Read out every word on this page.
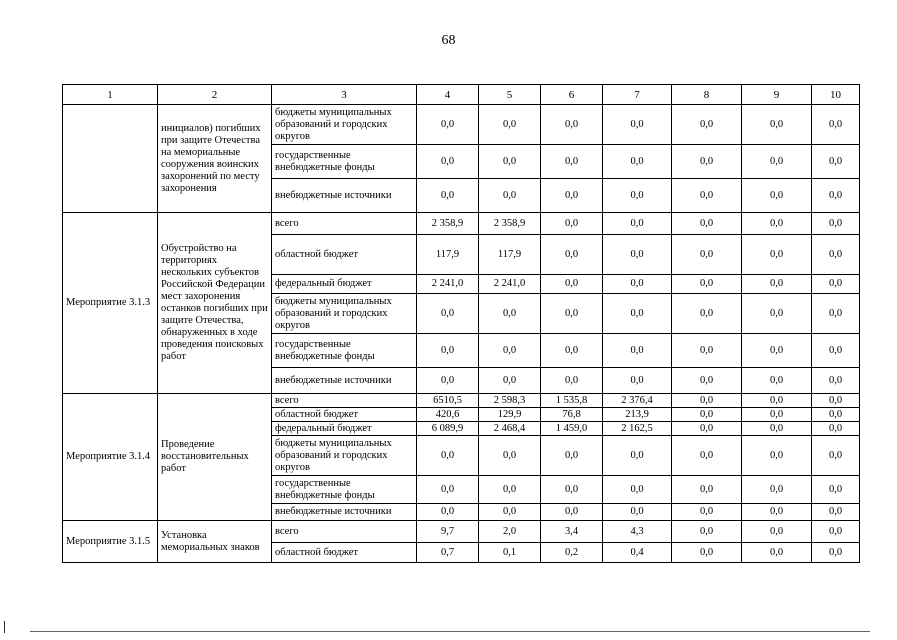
68
1	2	3	4	5	6	7	8	9	10
	инициалов) погибших при защите Отечества на мемориальные сооружения воинских захоронений по месту захоронения	бюджеты муниципальных образований и городских округов	0,0	0,0	0,0	0,0	0,0	0,0	0,0
		государственные внебюджетные фонды	0,0	0,0	0,0	0,0	0,0	0,0	0,0
		внебюджетные источники	0,0	0,0	0,0	0,0	0,0	0,0	0,0
Мероприятие 3.1.3	Обустройство на территориях нескольких субъектов Российской Федерации мест захоронения останков погибших при защите Отечества, обнаруженных в ходе проведения поисковых работ	всего	2 358,9	2 358,9	0,0	0,0	0,0	0,0	0,0
		областной бюджет	117,9	117,9	0,0	0,0	0,0	0,0	0,0
		федеральный бюджет	2 241,0	2 241,0	0,0	0,0	0,0	0,0	0,0
		бюджеты муниципальных образований и городских округов	0,0	0,0	0,0	0,0	0,0	0,0	0,0
		государственные внебюджетные фонды	0,0	0,0	0,0	0,0	0,0	0,0	0,0
		внебюджетные источники	0,0	0,0	0,0	0,0	0,0	0,0	0,0
Мероприятие 3.1.4	Проведение восстановительных работ	всего	6510,5	2 598,3	1 535,8	2 376,4	0,0	0,0	0,0
		областной бюджет	420,6	129,9	76,8	213,9	0,0	0,0	0,0
		федеральный бюджет	6 089,9	2 468,4	1 459,0	2 162,5	0,0	0,0	0,0
		бюджеты муниципальных образований и городских округов	0,0	0,0	0,0	0,0	0,0	0,0	0,0
		государственные внебюджетные фонды	0,0	0,0	0,0	0,0	0,0	0,0	0,0
		внебюджетные источники	0,0	0,0	0,0	0,0	0,0	0,0	0,0
Мероприятие 3.1.5	Установка мемориальных знаков	всего	9,7	2,0	3,4	4,3	0,0	0,0	0,0
		областной бюджет	0,7	0,1	0,2	0,4	0,0	0,0	0,0
